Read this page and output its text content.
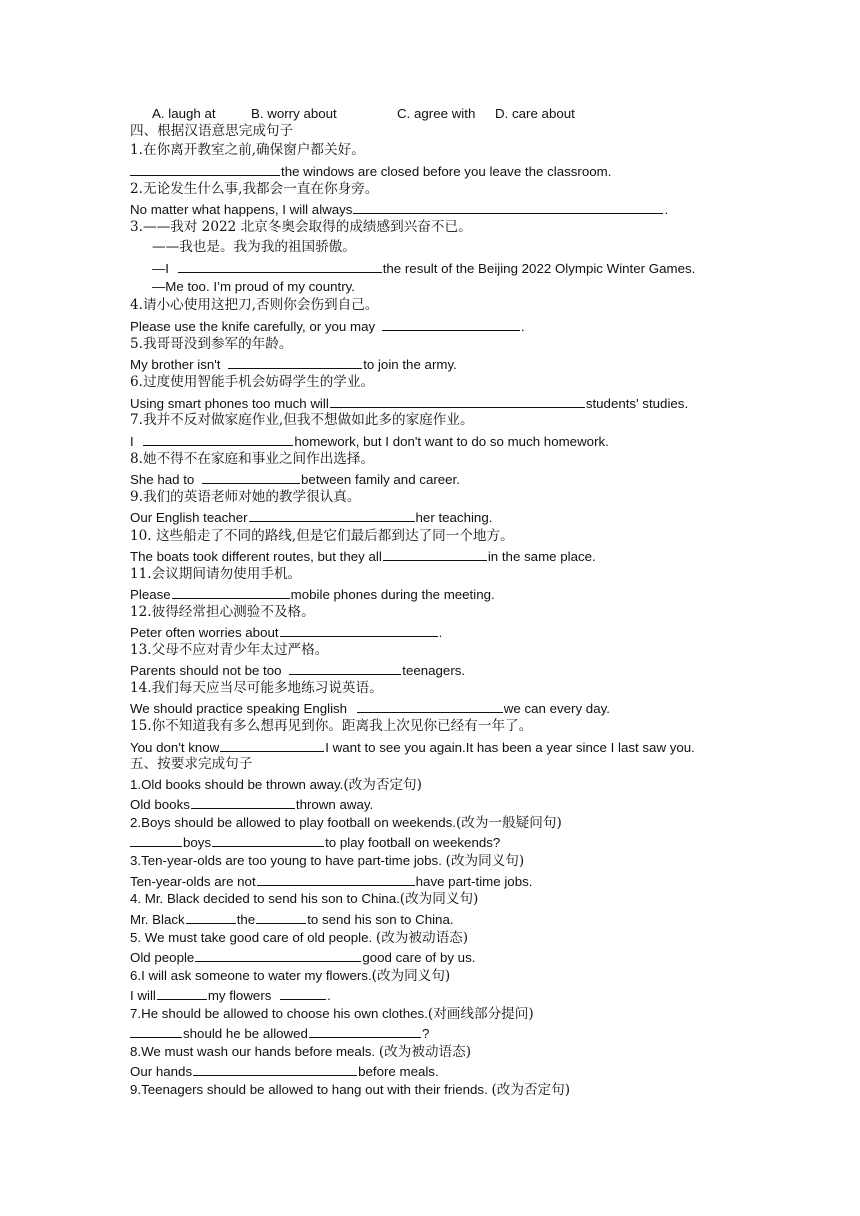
A. laugh at	B. worry about	C. agree with D. care about
四、根据汉语意思完成句子
1.在你离开教室之前,确保窗户都关好。
the windows are closed before you leave the classroom.
2.无论发生什么事,我都会一直在你身旁。
No matter what happens, I will always	.
3.——我对 2022 北京冬奥会取得的成绩感到兴奋不已。
——我也是。我为我的祖国骄傲。
—I	the result of the Beijing 2022 Olympic Winter Games.
—Me too. I’m proud of my country.
4.请小心使用这把刀,否则你会伤到自己。
Please use the knife carefully, or you may	.
5.我哥哥没到参军的年龄。
My brother isn't	to join the army.
6.过度使用智能手机会妨碍学生的学业。
Using smart phones too much will	students' studies.
7.我并不反对做家庭作业,但我不想做如此多的家庭作业。
I	homework, but I don't want to do so much homework.
8.她不得不在家庭和事业之间作出选择。
She had to	between family and career.
9.我们的英语老师对她的教学很认真。
Our English teacher	her teaching.
10. 这些船走了不同的路线,但是它们最后都到达了同一个地方。
The boats took different routes, but they all	in the same place.
11.会议期间请勿使用手机。
Please	mobile phones during the meeting.
12.彼得经常担心测验不及格。
Peter often worries about	.
13.父母不应对青少年太过严格。
Parents should not be too	teenagers.
14.我们每天应当尽可能多地练习说英语。
We should practice speaking English	we can every day.
15.你不知道我有多么想再见到你。距离我上次见你已经有一年了。
You don't know	I want to see you again.It has been a year since I last saw you.
五、按要求完成句子
1.Old books should be thrown away.(改为否定句)
Old books	thrown away.
2.Boys should be allowed to play football on weekends.(改为一般疑问句)
boys	to play football on weekends?
3.Ten-year-olds are too young to have part-time jobs. (改为同义句)
Ten-year-olds are not	have part-time jobs.
4. Mr. Black decided to send his son to China.(改为同义句)
Mr. Black	the	to send his son to China.
5. We must take good care of old people. (改为被动语态)
Old people	good care of by us.
6.I will ask someone to water my flowers.(改为同义句)
I will	my flowers	.
7.He should be allowed to choose his own clothes.(对画线部分提问)
should he be allowed	?
8.We must wash our hands before meals. (改为被动语态)
Our hands	before meals.
9.Teenagers should be allowed to hang out with their friends. (改为否定句)
